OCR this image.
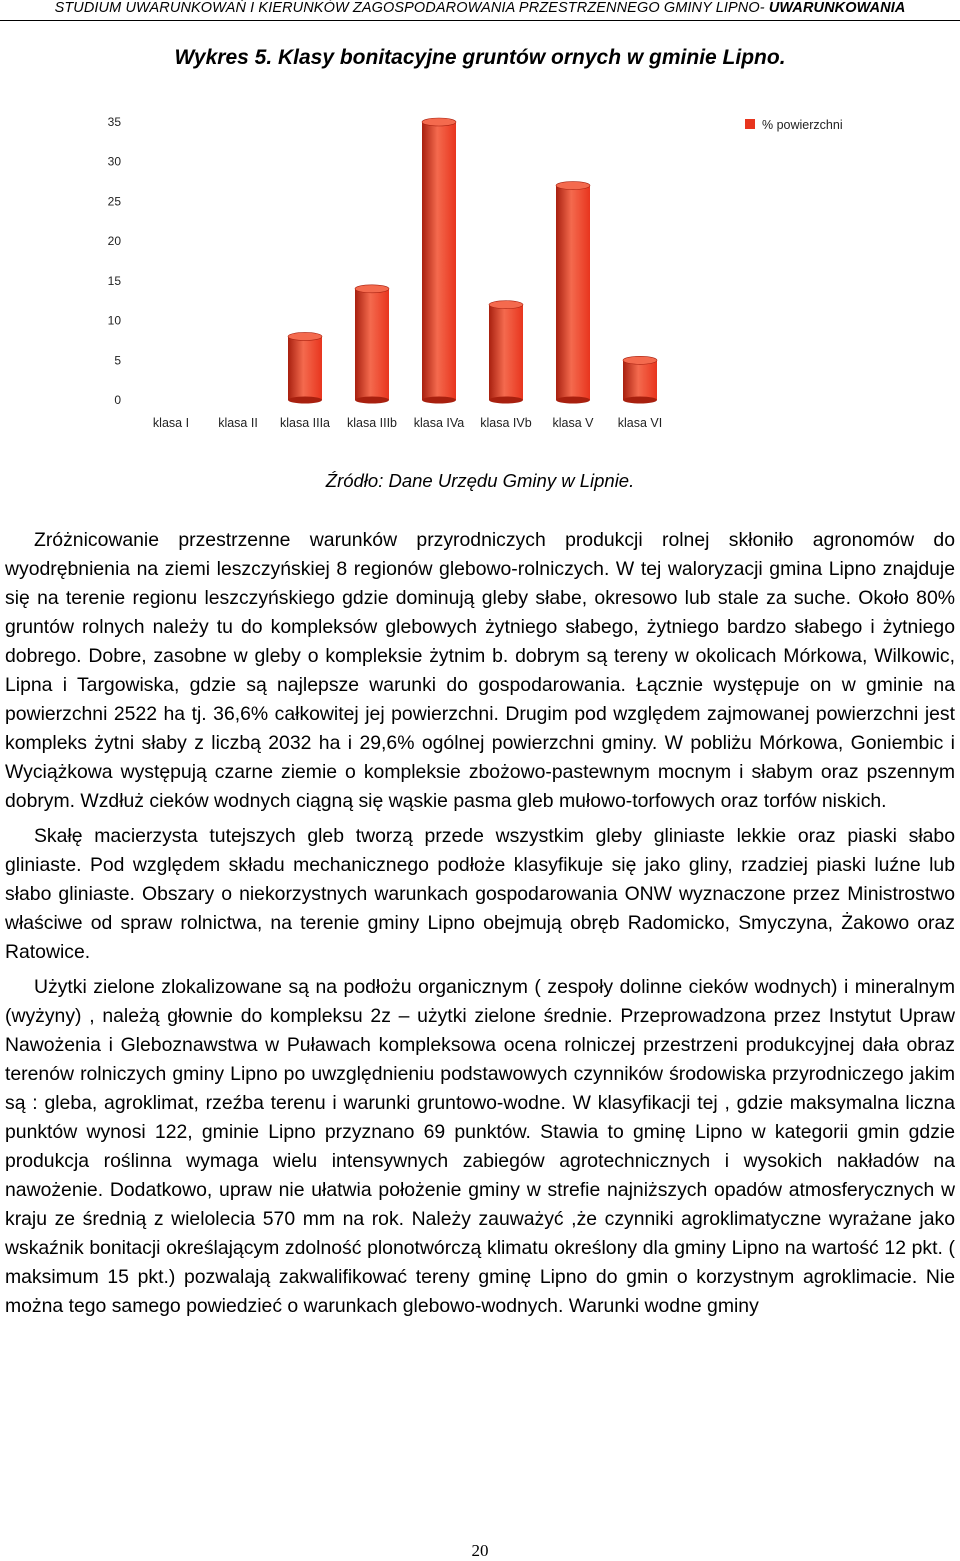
STUDIUM UWARUNKOWAŃ I KIERUNKÓW ZAGOSPODAROWANIA PRZESTRZENNEGO GMINY LIPNO- UWARUNKOWANIA
Wykres 5. Klasy bonitacyjne gruntów ornych w gminie Lipno.
0
5
10
15
20
25
30
35
klasa I klasa II klasa IIIa klasa IIIb klasa IVa klasa IVb klasa V klasa VI
% powierzchni
Źródło: Dane Urzędu Gminy w Lipnie.

Zróżnicowanie przestrzenne warunków przyrodniczych produkcji rolnej skłoniło agronomów do wyodrębnienia na ziemi leszczyńskiej 8 regionów glebowo-rolniczych. W tej waloryzacji gmina Lipno znajduje się na terenie regionu leszczyńskiego gdzie dominują gleby słabe, okresowo lub stale za suche. Około 80% gruntów rolnych należy tu do kompleksów glebowych żytniego słabego, żytniego bardzo słabego i żytniego dobrego. Dobre, zasobne w gleby o kompleksie żytnim b. dobrym są tereny w okolicach Mórkowa, Wilkowic, Lipna i Targowiska, gdzie są najlepsze warunki do gospodarowania. Łącznie występuje on w gminie na powierzchni 2522 ha tj. 36,6% całkowitej jej powierzchni. Drugim pod względem zajmowanej powierzchni jest kompleks żytni słaby z liczbą 2032 ha i 29,6% ogólnej powierzchni gminy. W pobliżu Mórkowa, Goniembic i Wyciążkowa występują czarne ziemie o kompleksie zbożowo-pastewnym mocnym i słabym oraz pszennym dobrym. Wzdłuż cieków wodnych ciągną się wąskie pasma gleb mułowo-torfowych oraz torfów niskich.

Skałę macierzysta tutejszych gleb tworzą przede wszystkim gleby gliniaste lekkie oraz piaski słabo gliniaste. Pod względem składu mechanicznego podłoże klasyfikuje się jako gliny, rzadziej piaski luźne lub słabo gliniaste. Obszary o niekorzystnych warunkach gospodarowania ONW wyznaczone przez Ministrostwo właściwe od spraw rolnictwa, na terenie gminy Lipno obejmują obręb Radomicko, Smyczyna, Żakowo oraz Ratowice.

Użytki zielone zlokalizowane są na podłożu organicznym ( zespoły dolinne cieków wodnych) i mineralnym (wyżyny) , należą głownie do kompleksu 2z – użytki zielone średnie. Przeprowadzona przez Instytut Upraw Nawożenia i Gleboznawstwa w Puławach kompleksowa ocena rolniczej przestrzeni produkcyjnej dała obraz terenów rolniczych gminy Lipno po uwzględnieniu podstawowych czynników środowiska przyrodniczego jakim są : gleba, agroklimat, rzeźba terenu i warunki gruntowo-wodne. W klasyfikacji tej , gdzie maksymalna liczna punktów wynosi 122, gminie Lipno przyznano 69 punktów. Stawia to gminę Lipno w kategorii gmin gdzie produkcja roślinna wymaga wielu intensywnych zabiegów agrotechnicznych i wysokich nakładów na nawożenie. Dodatkowo, upraw nie ułatwia położenie gminy w strefie najniższych opadów atmosferycznych w kraju ze średnią z wielolecia 570 mm na rok. Należy zauważyć ,że czynniki agroklimatyczne wyrażane jako wskaźnik bonitacji określającym zdolność plonotwórczą klimatu określony dla gminy Lipno na wartość 12 pkt. ( maksimum 15 pkt.) pozwalają zakwalifikować tereny gminę Lipno do gmin o korzystnym agroklimacie. Nie można tego samego powiedzieć o warunkach glebowo-wodnych. Warunki wodne gminy

20
